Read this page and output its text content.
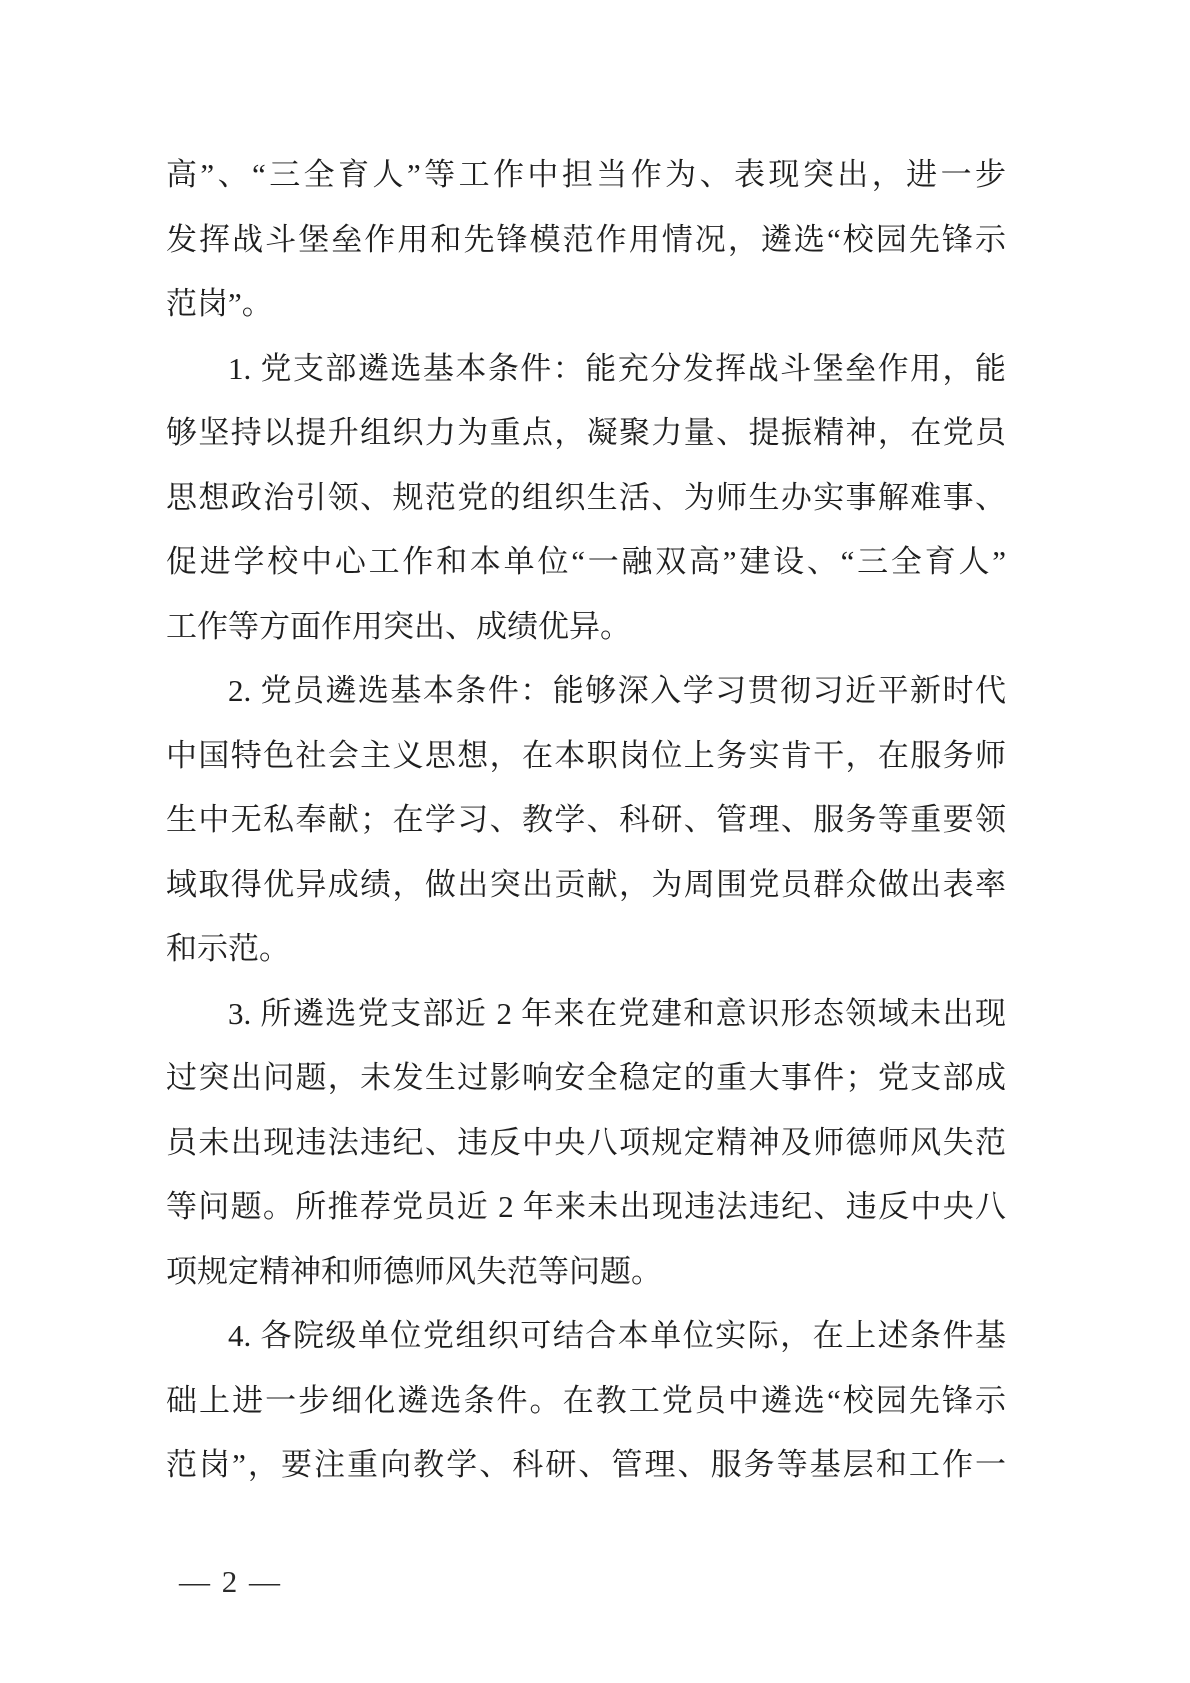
高”、“三全育人”等工作中担当作为、表现突出，进一步
发挥战斗堡垒作用和先锋模范作用情况，遴选“校园先锋示
范岗”。
1. 党支部遴选基本条件：能充分发挥战斗堡垒作用，能
够坚持以提升组织力为重点，凝聚力量、提振精神，在党员
思想政治引领、规范党的组织生活、为师生办实事解难事、
促进学校中心工作和本单位“一融双高”建设、“三全育人”
工作等方面作用突出、成绩优异。
2. 党员遴选基本条件：能够深入学习贯彻习近平新时代
中国特色社会主义思想，在本职岗位上务实肯干，在服务师
生中无私奉献；在学习、教学、科研、管理、服务等重要领
域取得优异成绩，做出突出贡献，为周围党员群众做出表率
和示范。
3. 所遴选党支部近 2 年来在党建和意识形态领域未出现
过突出问题，未发生过影响安全稳定的重大事件；党支部成
员未出现违法违纪、违反中央八项规定精神及师德师风失范
等问题。所推荐党员近 2 年来未出现违法违纪、违反中央八
项规定精神和师德师风失范等问题。
4. 各院级单位党组织可结合本单位实际，在上述条件基
础上进一步细化遴选条件。在教工党员中遴选“校园先锋示
范岗”，要注重向教学、科研、管理、服务等基层和工作一
— 2 —
